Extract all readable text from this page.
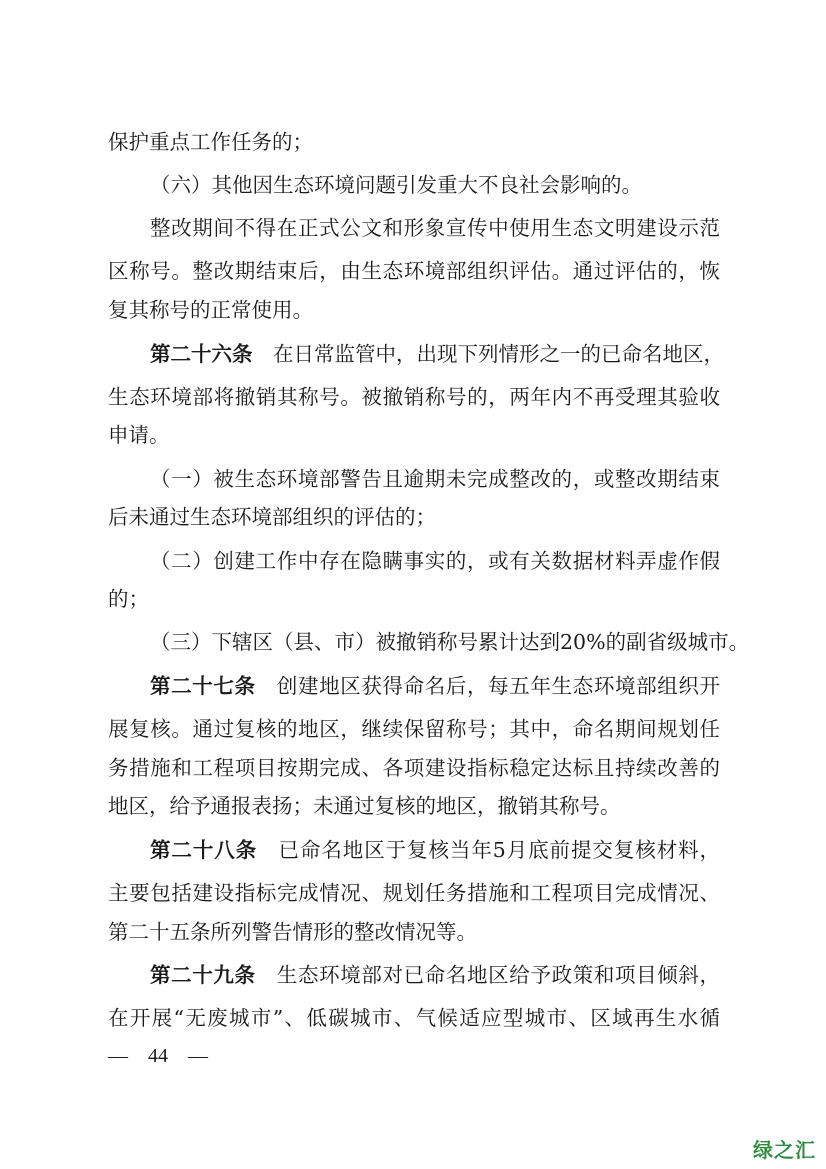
保护重点工作任务的；
（六）其他因生态环境问题引发重大不良社会影响的。
整改期间不得在正式公文和形象宣传中使用生态文明建设示范
区称号。整改期结束后，由生态环境部组织评估。通过评估的，恢
复其称号的正常使用。
第二十六条　 在日常监管中，出现下列情形之一的已命名地区，
生态环境部将撤销其称号。被撤销称号的，两年内不再受理其验收
申请。
（一）被生态环境部警告且逾期未完成整改的，或整改期结束
后未通过生态环境部组织的评估的；
（二）创建工作中存在隐瞒事实的，或有关数据材料弄虚作假
的；
（三）下辖区（县、市）被撤销称号累计达到20%的副省级城市。
第二十七条　 创建地区获得命名后，每五年生态环境部组织开
展复核。通过复核的地区，继续保留称号；其中，命名期间规划任
务措施和工程项目按期完成、各项建设指标稳定达标且持续改善的
地区，给予通报表扬；未通过复核的地区，撤销其称号。
第二十八条　 已命名地区于复核当年5月底前提交复核材料，
主要包括建设指标完成情况、规划任务措施和工程项目完成情况、
第二十五条所列警告情形的整改情况等。
第二十九条　 生态环境部对已命名地区给予政策和项目倾斜，
在开展“无废城市”、低碳城市、气候适应型城市、区域再生水循
—　44　—
绿之汇
